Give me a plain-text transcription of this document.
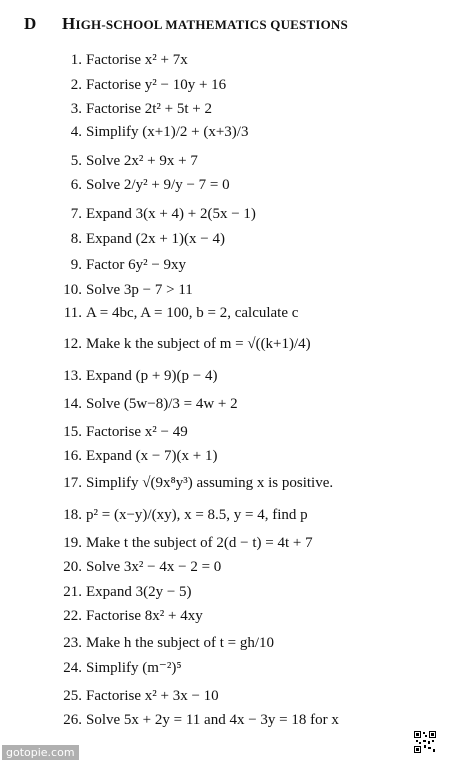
D HIGH-SCHOOL MATHEMATICS QUESTIONS
1. Factorise x² + 7x
2. Factorise y² − 10y + 16
3. Factorise 2t² + 5t + 2
4. Simplify (x+1)/2 + (x+3)/3
5. Solve 2x² + 9x + 7
6. Solve 2/y² + 9/y − 7 = 0
7. Expand 3(x + 4) + 2(5x − 1)
8. Expand (2x + 1)(x − 4)
9. Factor 6y² − 9xy
10. Solve 3p − 7 > 11
11. A = 4bc, A = 100, b = 2, calculate c
12. Make k the subject of m = √((k+1)/4)
13. Expand (p + 9)(p − 4)
14. Solve (5w−8)/3 = 4w + 2
15. Factorise x² − 49
16. Expand (x − 7)(x + 1)
17. Simplify √(9x⁸y³) assuming x is positive.
18. p² = (x−y)/(xy), x = 8.5, y = 4, find p
19. Make t the subject of 2(d − t) = 4t + 7
20. Solve 3x² − 4x − 2 = 0
21. Expand 3(2y − 5)
22. Factorise 8x² + 4xy
23. Make h the subject of t = gh/10
24. Simplify (m⁻²)⁵
25. Factorise x² + 3x − 10
26. Solve 5x + 2y = 11 and 4x − 3y = 18 for x
gotopie.com
